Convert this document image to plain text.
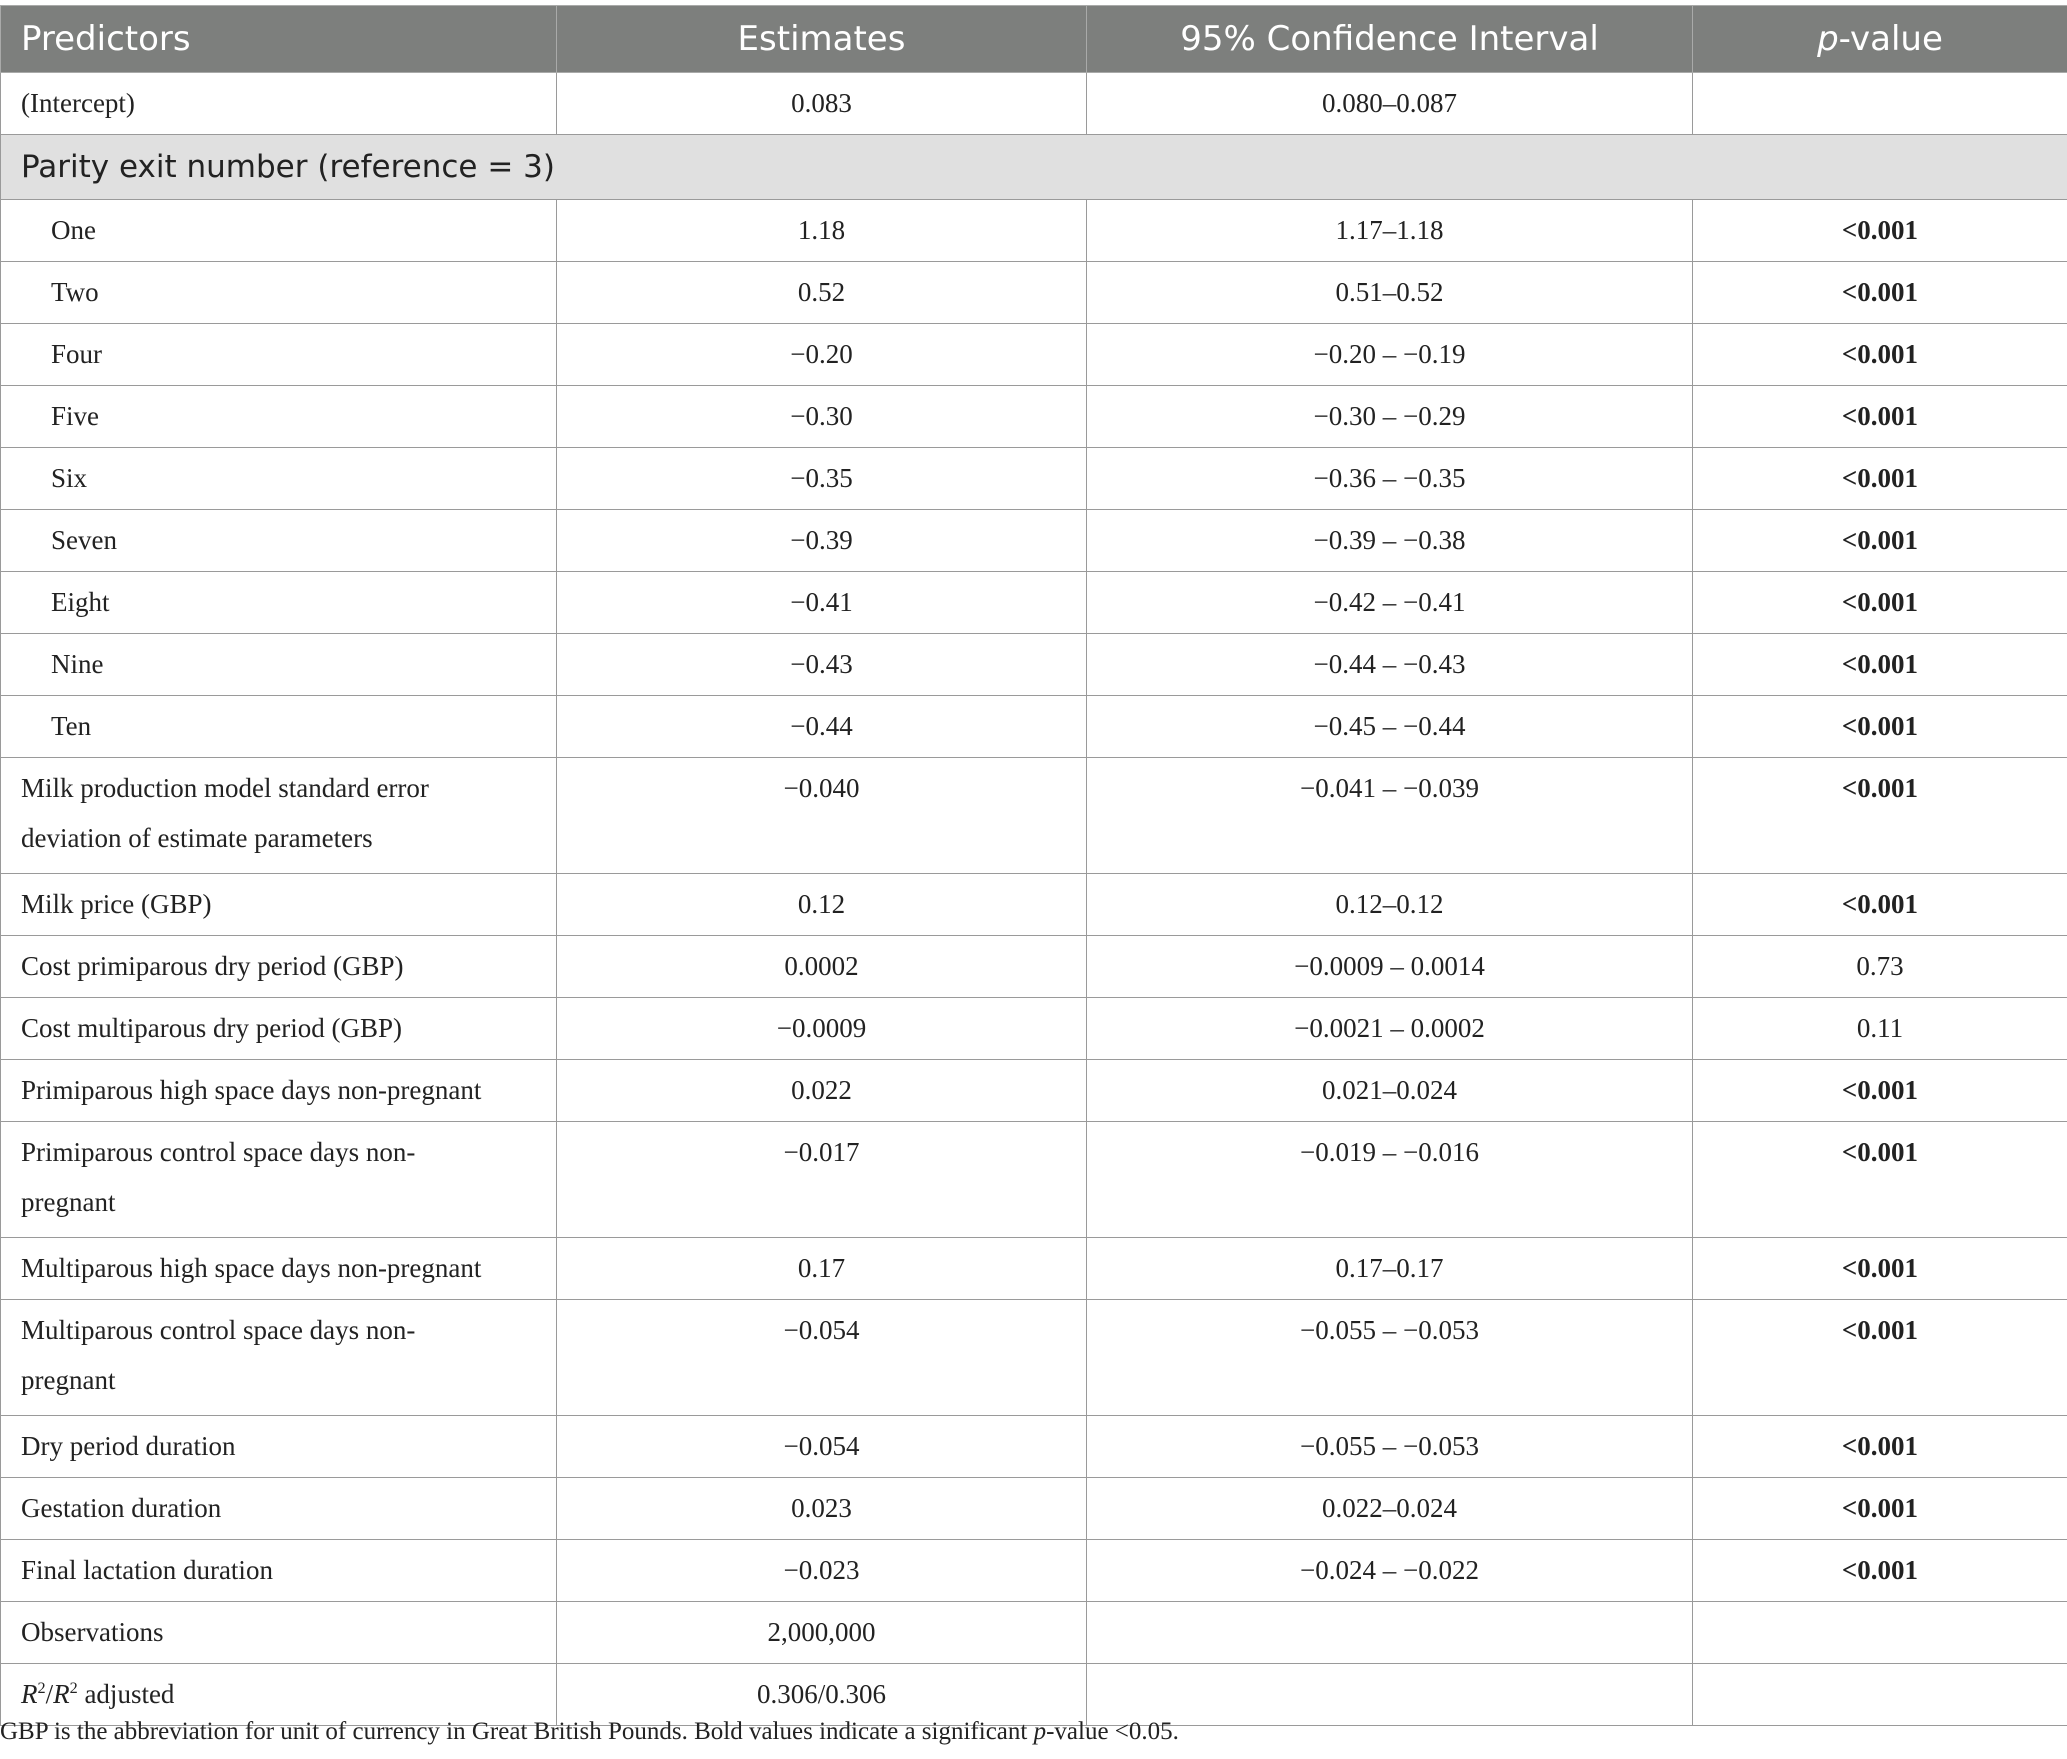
Predictors	Estimates	95% Confidence Interval	p-value
(Intercept)	0.083	0.080–0.087	
Parity exit number (reference = 3)			
One	1.18	1.17–1.18	<0.001
Two	0.52	0.51–0.52	<0.001
Four	−0.20	−0.20 – −0.19	<0.001
Five	−0.30	−0.30 – −0.29	<0.001
Six	−0.35	−0.36 – −0.35	<0.001
Seven	−0.39	−0.39 – −0.38	<0.001
Eight	−0.41	−0.42 – −0.41	<0.001
Nine	−0.43	−0.44 – −0.43	<0.001
Ten	−0.44	−0.45 – −0.44	<0.001
Milk production model standard error
deviation of estimate parameters	−0.040	−0.041 – −0.039	<0.001
Milk price (GBP)	0.12	0.12–0.12	<0.001
Cost primiparous dry period (GBP)	0.0002	−0.0009 – 0.0014	0.73
Cost multiparous dry period (GBP)	−0.0009	−0.0021 – 0.0002	0.11
Primiparous high space days non-pregnant	0.022	0.021–0.024	<0.001
Primiparous control space days non-
pregnant	−0.017	−0.019 – −0.016	<0.001
Multiparous high space days non-pregnant	0.17	0.17–0.17	<0.001
Multiparous control space days non-
pregnant	−0.054	−0.055 – −0.053	<0.001
Dry period duration	−0.054	−0.055 – −0.053	<0.001
Gestation duration	0.023	0.022–0.024	<0.001
Final lactation duration	−0.023	−0.024 – −0.022	<0.001
Observations	2,000,000		
$R^2/R^2$ adjusted	0.306/0.306		
GBP is the abbreviation for unit of currency in Great British Pounds. Bold values indicate a significant p-value <0.05.
